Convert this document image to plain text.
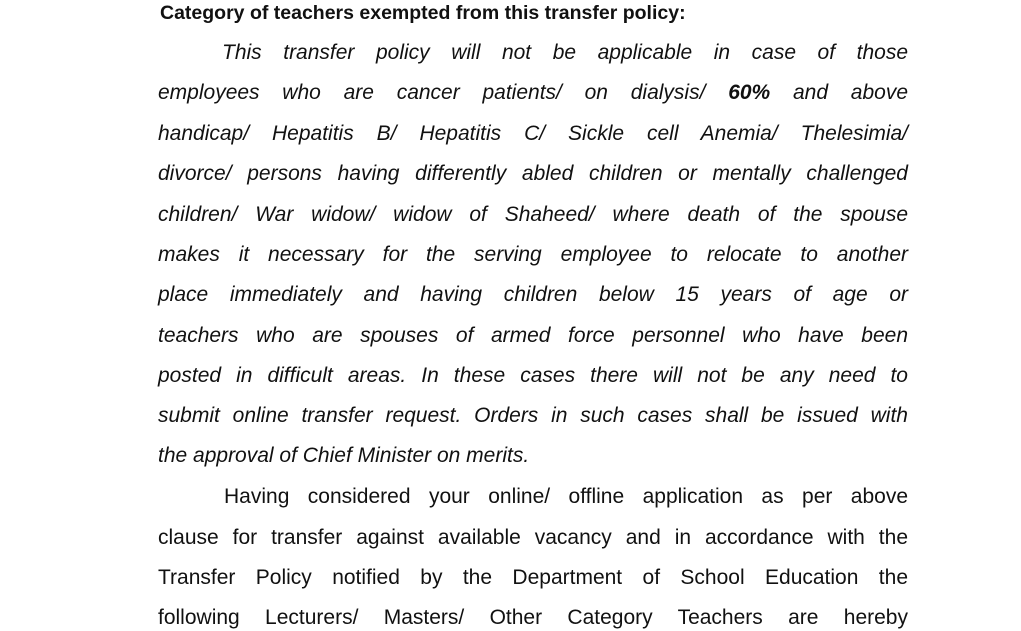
Category of teachers exempted from this transfer policy:
This transfer policy will not be applicable in case of those
employees who are cancer patients/ on dialysis/ 60% and above
handicap/ Hepatitis B/ Hepatitis C/ Sickle cell Anemia/ Thelesimia/
divorce/ persons having differently abled children or mentally challenged
children/ War widow/ widow of Shaheed/ where death of the spouse
makes it necessary for the serving employee to relocate to another
place immediately and having children below 15 years of age or
teachers who are spouses of armed force personnel who have been
posted in difficult areas. In these cases there will not be any need to
submit online transfer request. Orders in such cases shall be issued with
the approval of Chief Minister on merits.
Having considered your online/ offline application as per above
clause for transfer against available vacancy and in accordance with the
Transfer Policy notified by the Department of School Education the
following Lecturers/ Masters/ Other Category Teachers are hereby
